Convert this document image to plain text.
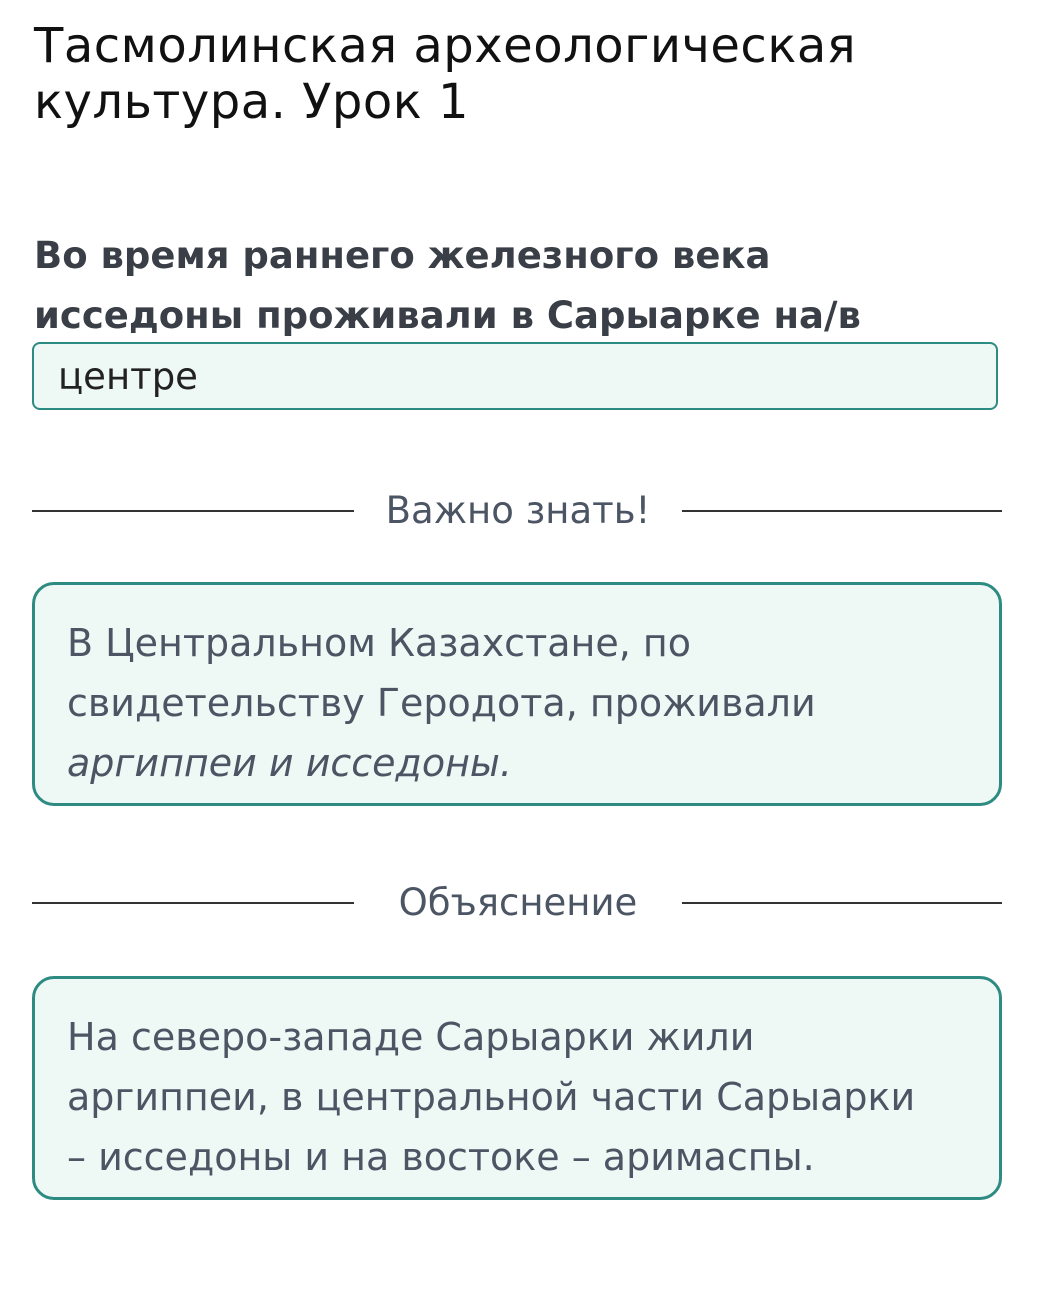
Тасмолинская археологическая
культура. Урок 1
Во время раннего железного века
исседоны проживали в Сарыарке на/в
центре
Важно знать!

В Центральном Казахстане, по

свидетельству Геродота, проживали

аргиппеи и исседоны.

Объяснение

На северо-западе Сарыарки жили

аргиппеи, в центральной части Сарыарки

– исседоны и на востоке – аримаспы.
